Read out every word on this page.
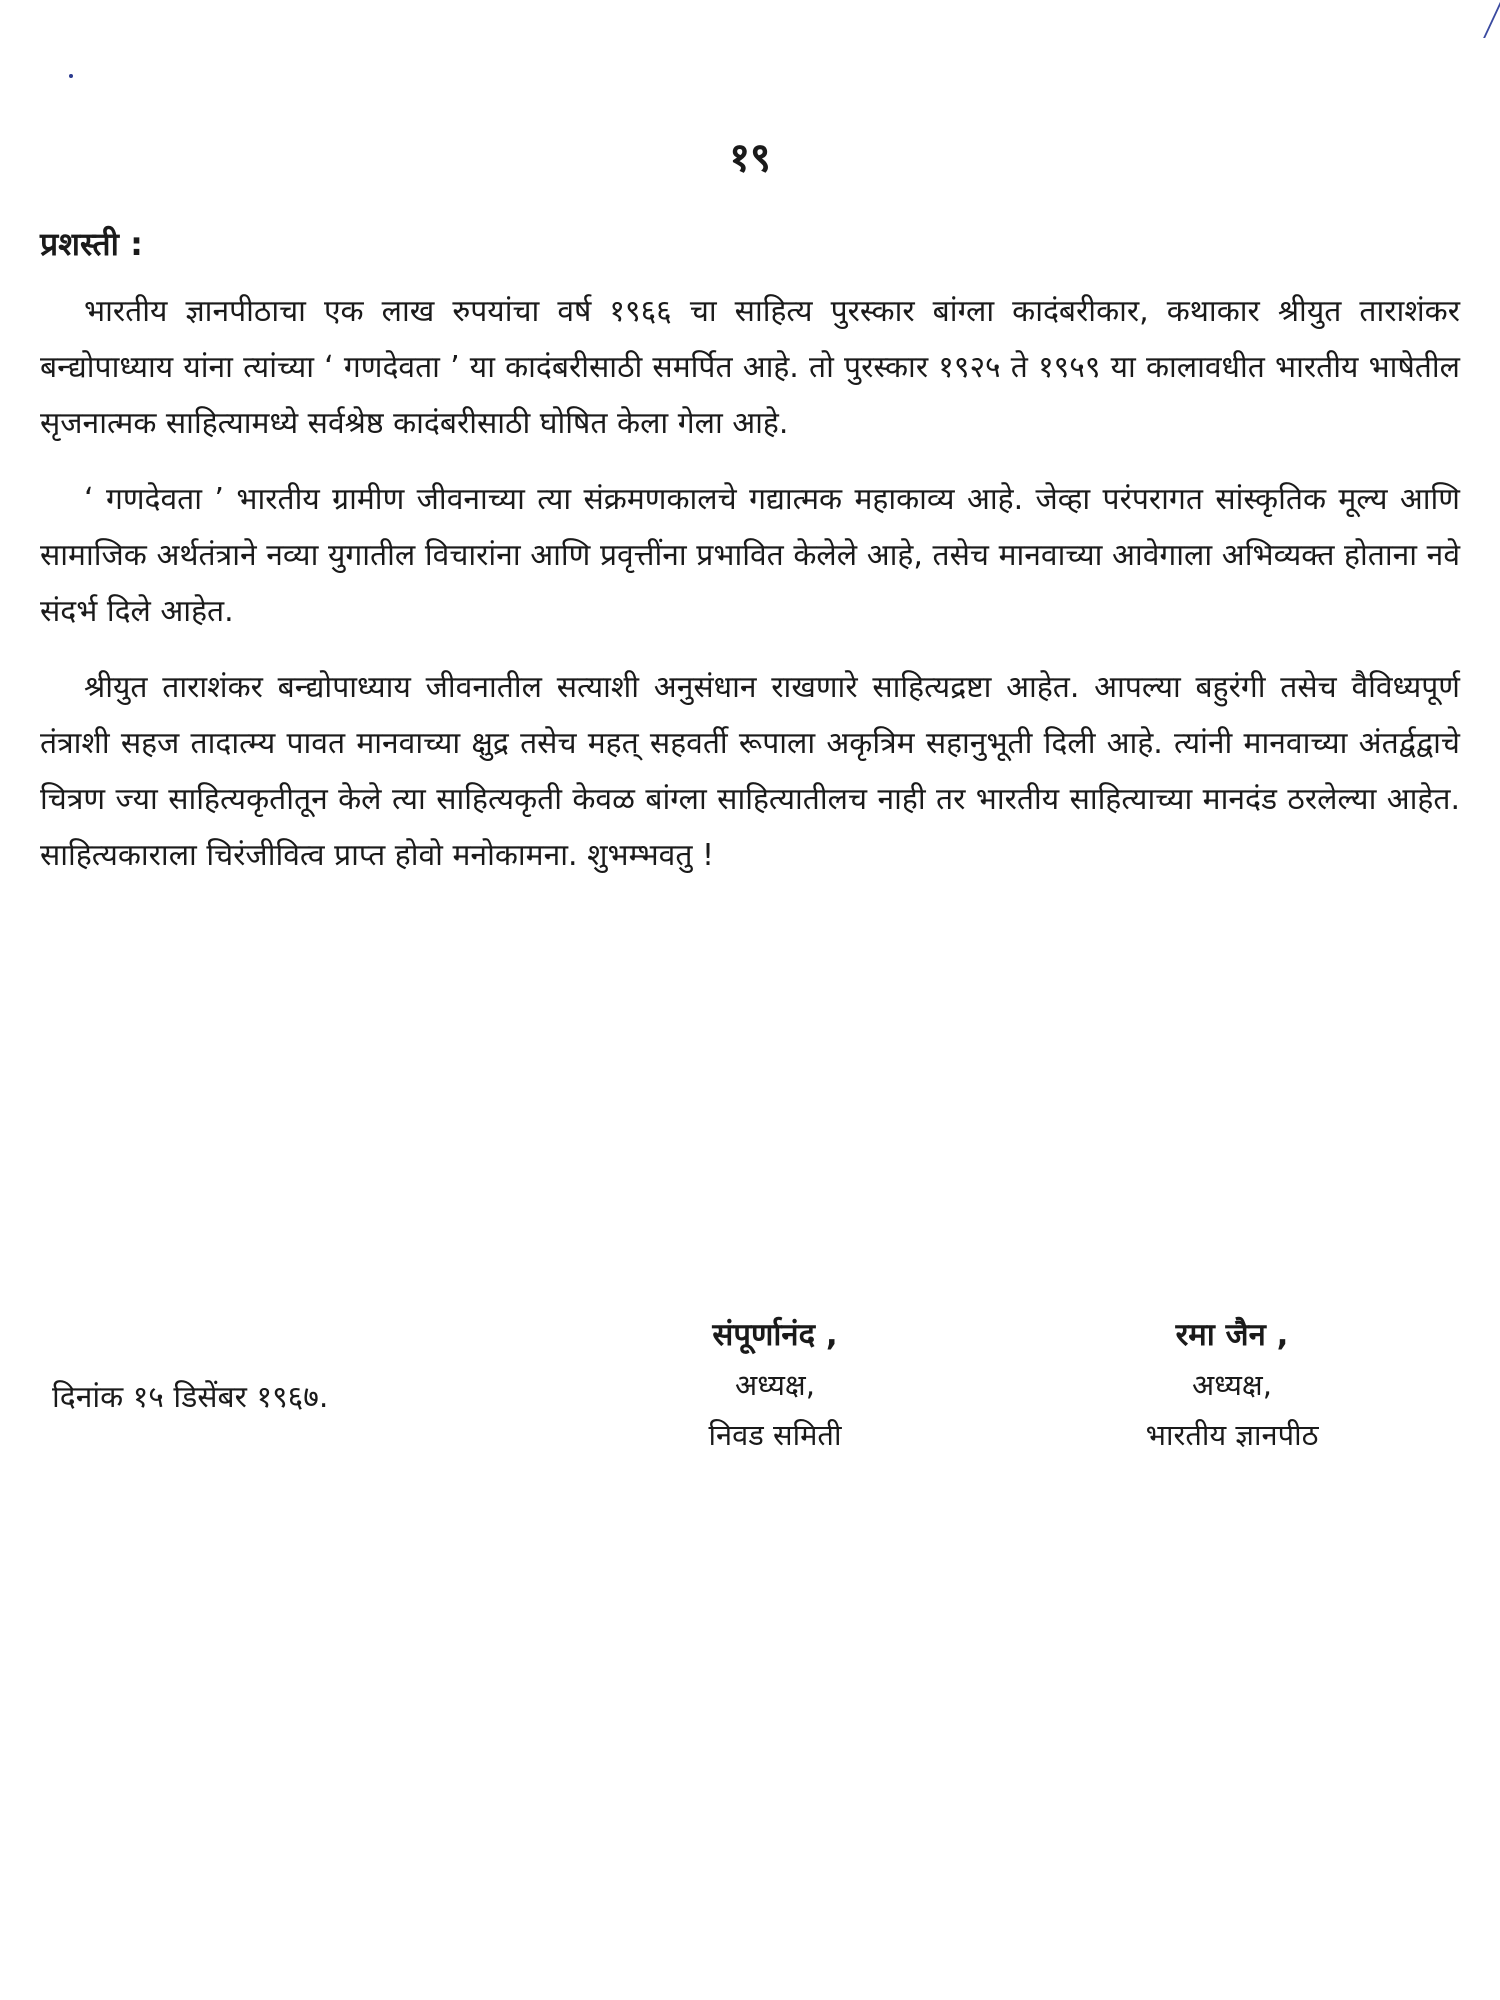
१९
प्रशस्ती :

भारतीय ज्ञानपीठाचा एक लाख रुपयांचा वर्ष १९६६ चा साहित्य पुरस्कार बांग्ला कादंबरीकार, कथाकार श्रीयुत ताराशंकर बन्द्योपाध्याय यांना त्यांच्या ‘ गणदेवता ’ या कादंबरीसाठी समर्पित आहे. तो पुरस्कार १९२५ ते १९५९ या कालावधीत भारतीय भाषेतील सृजनात्मक साहित्यामध्ये सर्वश्रेष्ठ कादंबरीसाठी घोषित केला गेला आहे.

‘ गणदेवता ’ भारतीय ग्रामीण जीवनाच्या त्या संक्रमणकालचे गद्यात्मक महाकाव्य आहे. जेव्हा परंपरागत सांस्कृतिक मूल्य आणि सामाजिक अर्थतंत्राने नव्या युगातील विचारांना आणि प्रवृत्तींना प्रभावित केलेले आहे, तसेच मानवाच्या आवेगाला अभिव्यक्त होताना नवे संदर्भ दिले आहेत.

श्रीयुत ताराशंकर बन्द्योपाध्याय जीवनातील सत्याशी अनुसंधान राखणारे साहित्यद्रष्टा आहेत. आपल्या बहुरंगी तसेच वैविध्यपूर्ण तंत्राशी सहज तादात्म्य पावत मानवाच्या क्षुद्र तसेच महत् सहवर्ती रूपाला अकृत्रिम सहानुभूती दिली आहे. त्यांनी मानवाच्या अंतर्द्वद्वाचे चित्रण ज्या साहित्यकृतीतून केले त्या साहित्यकृती केवळ बांग्ला साहित्यातीलच नाही तर भारतीय साहित्याच्या मानदंड ठरलेल्या आहेत. साहित्यकाराला चिरंजीवित्व प्राप्त होवो मनोकामना. शुभम्भवतु !

दिनांक १५ डिसेंबर १९६७.
संपूर्णानंद ,
अध्यक्ष,
निवड समिती
रमा जैन ,
अध्यक्ष,
भारतीय ज्ञानपीठ
